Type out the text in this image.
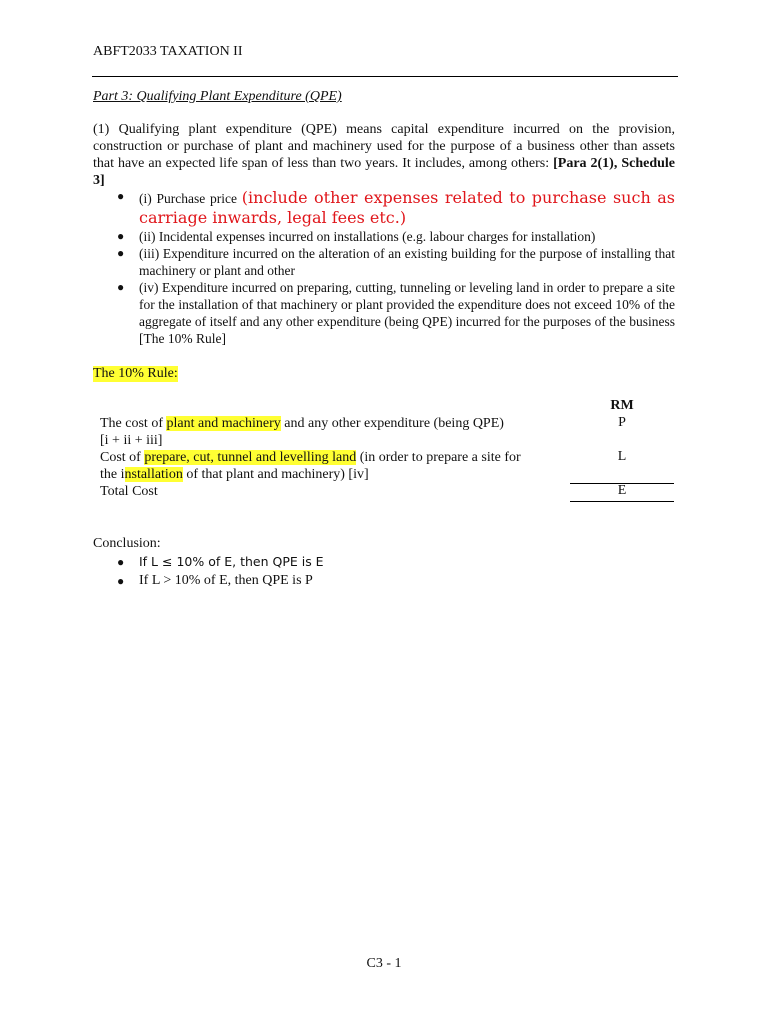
ABFT2033 TAXATION II
Part 3: Qualifying Plant Expenditure (QPE)
(1) Qualifying plant expenditure (QPE) means capital expenditure incurred on the provision, construction or purchase of plant and machinery used for the purpose of a business other than assets that have an expected life span of less than two years. It includes, among others: [Para 2(1), Schedule 3]
● (i) Purchase price (include other expenses related to purchase such as carriage inwards, legal fees etc.)
● (ii) Incidental expenses incurred on installations (e.g. labour charges for installation)
● (iii) Expenditure incurred on the alteration of an existing building for the purpose of installing that machinery or plant and other
● (iv) Expenditure incurred on preparing, cutting, tunneling or leveling land in order to prepare a site for the installation of that machinery or plant provided the expenditure does not exceed 10% of the aggregate of itself and any other expenditure (being QPE) incurred for the purposes of the business [The 10% Rule]
The 10% Rule:
RM
The cost of plant and machinery and any other expenditure (being QPE)
[i + ii + iii]
P
Cost of prepare, cut, tunnel and levelling land (in order to prepare a site for
the installation of that plant and machinery) [iv]
L
Total Cost	E
Conclusion:
● If L ≤ 10% of E, then QPE is E
● If L > 10% of E, then QPE is P
C3 - 1
